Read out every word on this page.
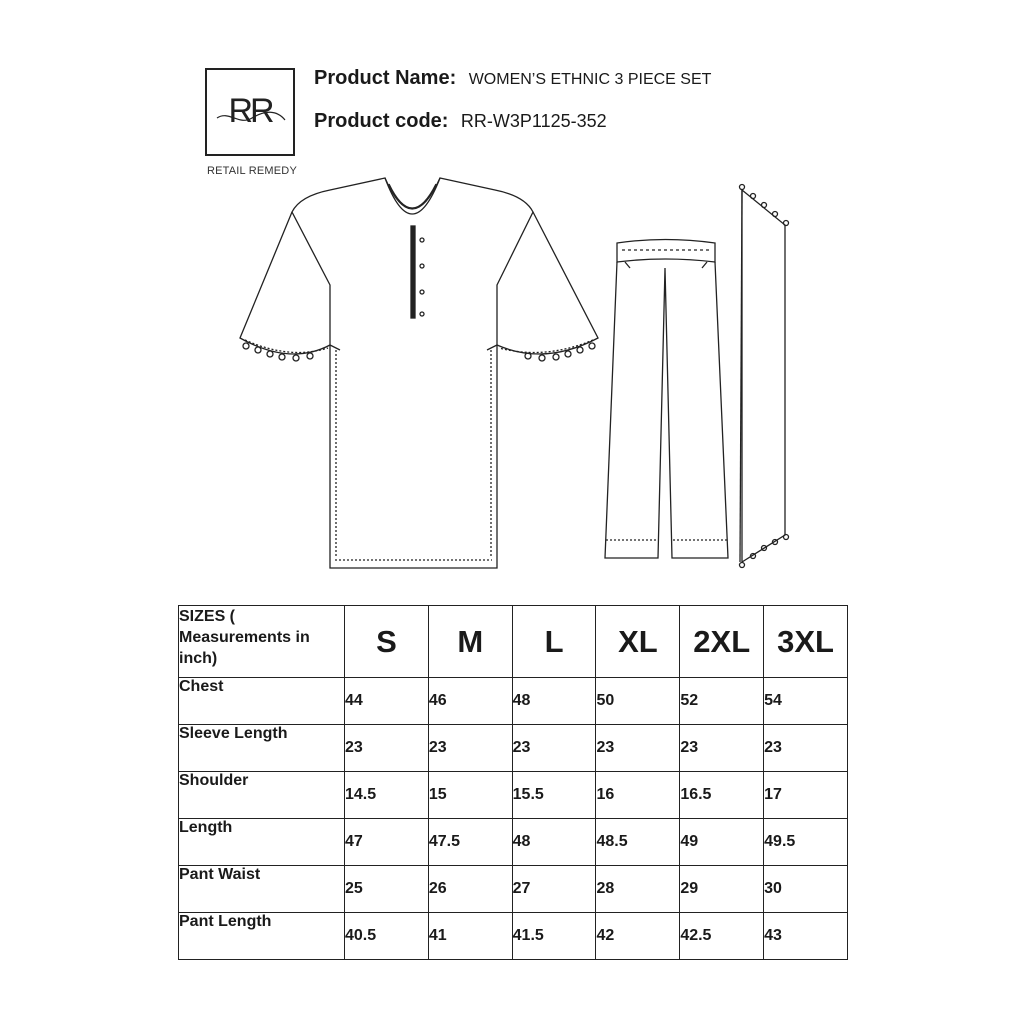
RR
RETAIL REMEDY
Product Name: WOMEN’S ETHNIC 3 PIECE SET
Product code: RR-W3P1125-352
SIZES ( Measurements in inch)	S	M	L	XL	2XL	3XL
Chest	44	46	48	50	52	54
Sleeve Length	23	23	23	23	23	23
Shoulder	14.5	15	15.5	16	16.5	17
Length	47	47.5	48	48.5	49	49.5
Pant Waist	25	26	27	28	29	30
Pant Length	40.5	41	41.5	42	42.5	43
